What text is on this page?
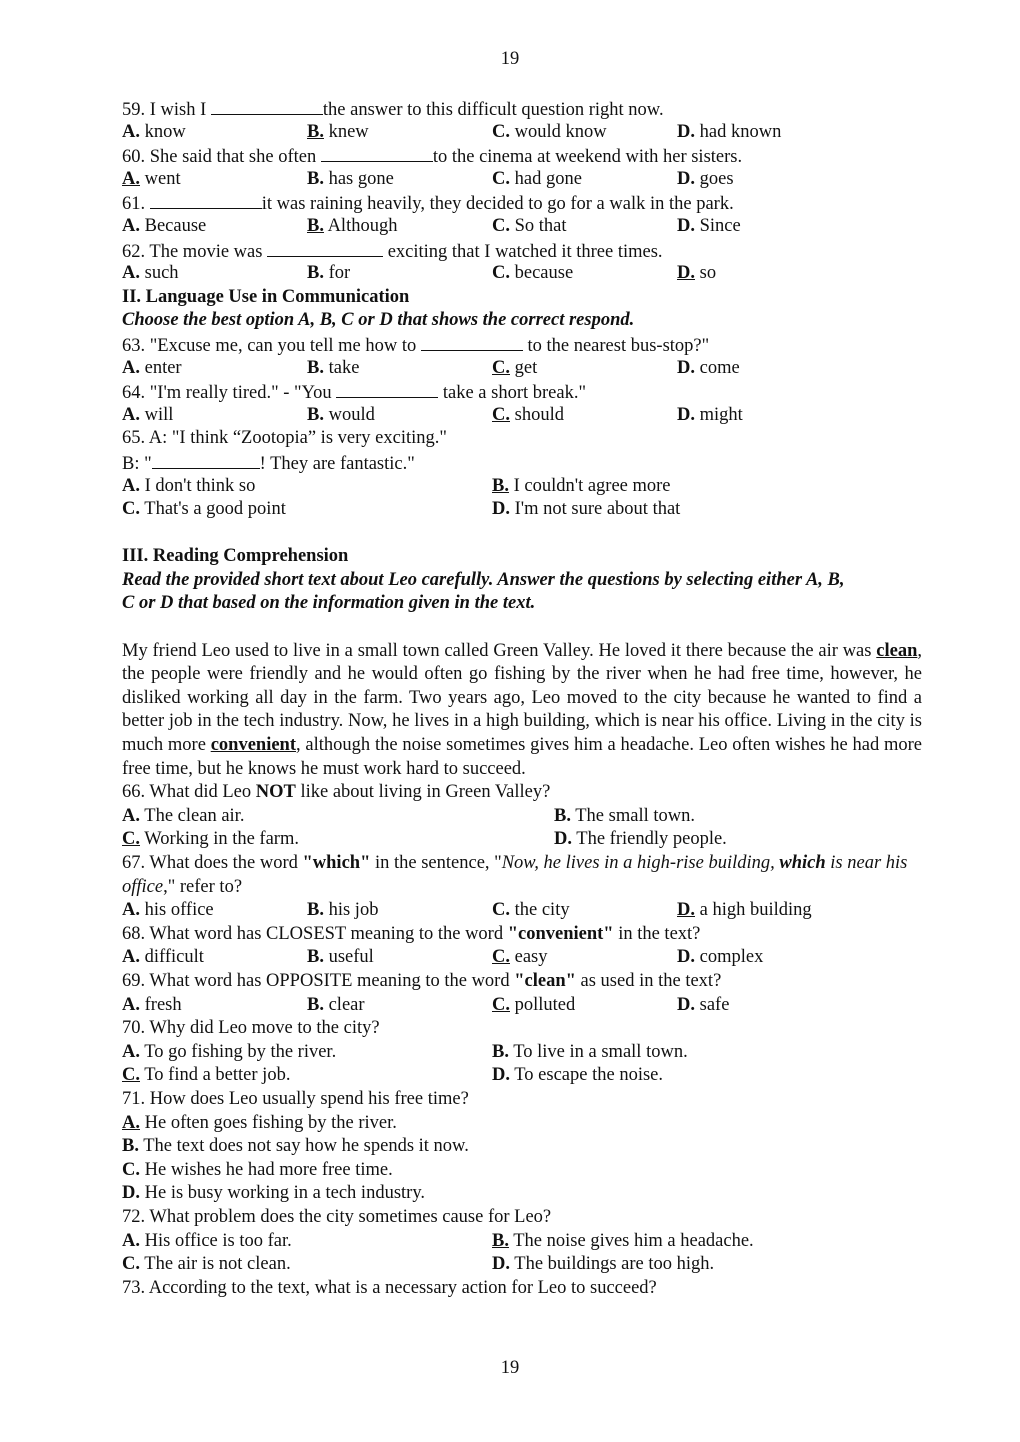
19
59. I wish I	the answer to this difficult question right now.
A. know	B. knew	C. would know	D. had known
60. She said that she often	to the cinema at weekend with her sisters.
A. went	B. has gone	C. had gone	D. goes
61.	it was raining heavily, they decided to go for a walk in the park.
A. Because	B. Although	C. So that	D. Since
62. The movie was	exciting that I watched it three times.
A. such	B. for	C. because	D. so
II. Language Use in Communication
Choose the best option A, B, C or D that shows the correct respond.
63. "Excuse me, can you tell me how to	to the nearest bus-stop?"
A. enter	B. take	C. get	D. come
64. "I'm really tired." - "You	take a short break."
A. will	B. would	C. should	D. might
65. A: "I think “Zootopia” is very exciting."
B: "	! They are fantastic."
A. I don't think so	B. I couldn't agree more
C. That's a good point	D. I'm not sure about that
III. Reading Comprehension
Read the provided short text about Leo carefully. Answer the questions by selecting either A, B,
C or D that based on the information given in the text.
My friend Leo used to live in a small town called Green Valley. He loved it there because the air was clean, the people were friendly and he would often go fishing by the river when he had free time, however, he disliked working all day in the farm. Two years ago, Leo moved to the city because he wanted to find a better job in the tech industry. Now, he lives in a high building, which is near his office. Living in the city is much more convenient, although the noise sometimes gives him a headache. Leo often wishes he had more free time, but he knows he must work hard to succeed.
66. What did Leo NOT like about living in Green Valley?
A. The clean air.	B. The small town.
C. Working in the farm.	D. The friendly people.
67. What does the word "which" in the sentence, "Now, he lives in a high-rise building, which is near his office," refer to?
A. his office	B. his job	C. the city	D. a high building
68. What word has CLOSEST meaning to the word "convenient" in the text?
A. difficult	B. useful	C. easy	D. complex
69. What word has OPPOSITE meaning to the word "clean" as used in the text?
A. fresh	B. clear	C. polluted	D. safe
70. Why did Leo move to the city?
A. To go fishing by the river.	B. To live in a small town.
C. To find a better job.	D. To escape the noise.
71. How does Leo usually spend his free time?
A. He often goes fishing by the river.
B. The text does not say how he spends it now.
C. He wishes he had more free time.
D. He is busy working in a tech industry.
72. What problem does the city sometimes cause for Leo?
A. His office is too far.	B. The noise gives him a headache.
C. The air is not clean.	D. The buildings are too high.
73. According to the text, what is a necessary action for Leo to succeed?
19
